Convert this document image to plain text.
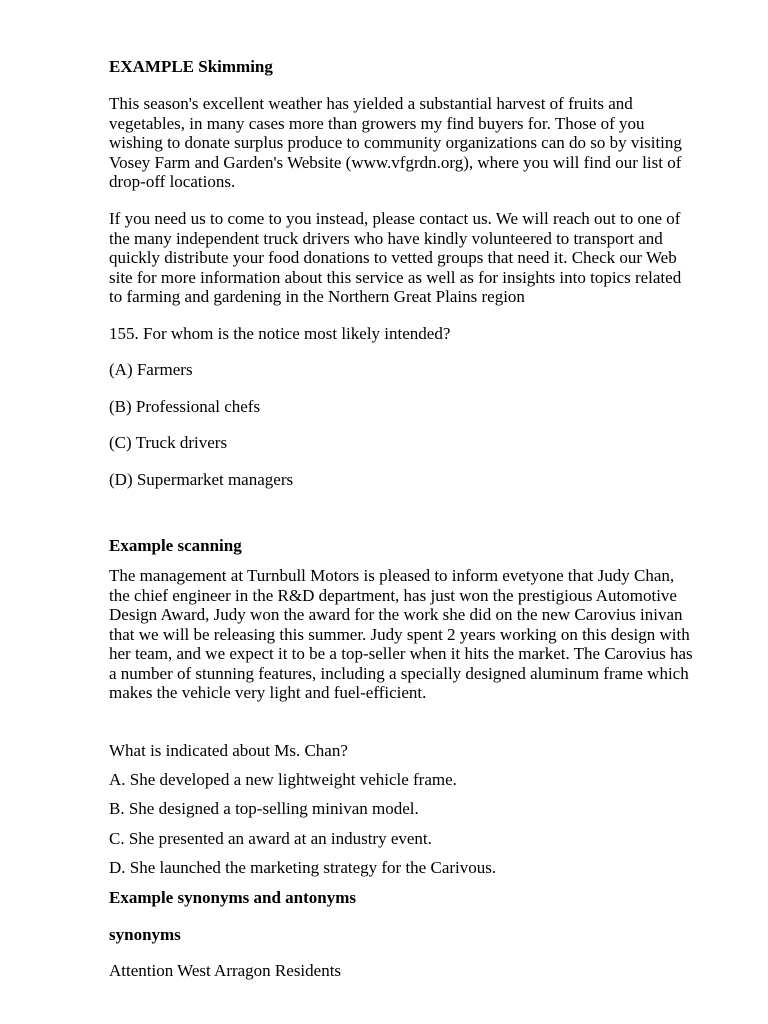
EXAMPLE Skimming
This season's excellent weather has yielded a substantial harvest of fruits and
vegetables, in many cases more than growers my find buyers for. Those of you
wishing to donate surplus produce to community organizations can do so by visiting
Vosey Farm and Garden's Website (www.vfgrdn.org), where you will find our list of
drop-off locations.
If you need us to come to you instead, please contact us. We will reach out to one of
the many independent truck drivers who have kindly volunteered to transport and
quickly distribute your food donations to vetted groups that need it. Check our Web
site for more information about this service as well as for insights into topics related
to farming and gardening in the Northern Great Plains region
155. For whom is the notice most likely intended?
(A) Farmers
(B) Professional chefs
(C) Truck drivers
(D) Supermarket managers
Example scanning
The management at Turnbull Motors is pleased to inform evetyone that Judy Chan,
the chief engineer in the R&D department, has just won the prestigious Automotive
Design Award, Judy won the award for the work she did on the new Carovius inivan
that we will be releasing this summer. Judy spent 2 years working on this design with
her team, and we expect it to be a top-seller when it hits the market. The Carovius has
a number of stunning features, including a specially designed aluminum frame which
makes the vehicle very light and fuel-efficient.
What is indicated about Ms. Chan?
A. She developed a new lightweight vehicle frame.
B. She designed a top-selling minivan model.
C. She presented an award at an industry event.
D. She launched the marketing strategy for the Carivous.
Example synonyms and antonyms
synonyms
Attention West Arragon Residents
